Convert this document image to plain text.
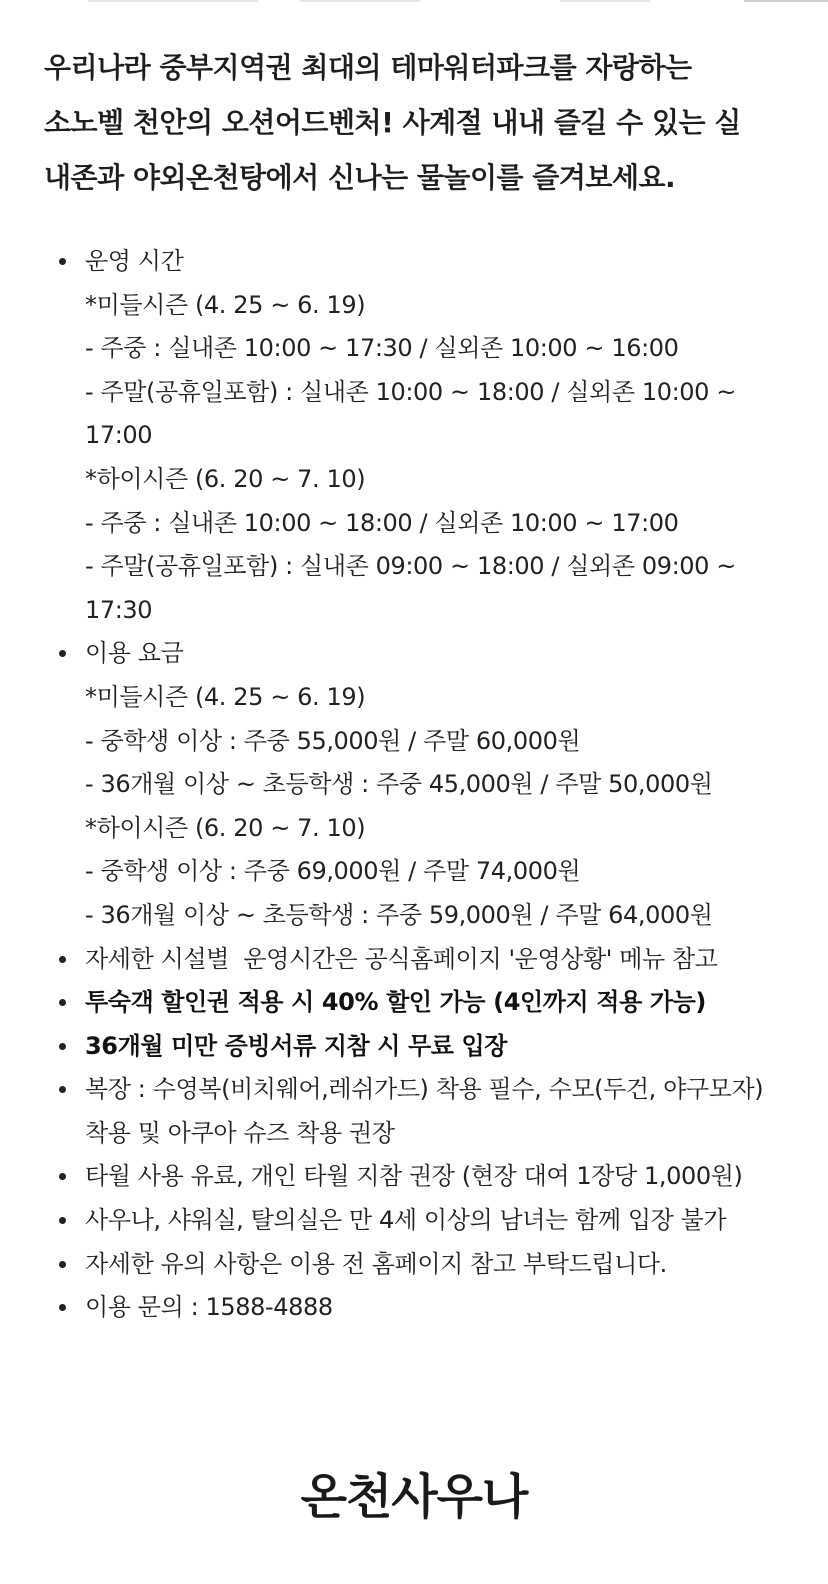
우리나라 중부지역권 최대의 테마워터파크를 자랑하는
소노벨 천안의 오션어드벤처! 사계절 내내 즐길 수 있는 실
내존과 야외온천탕에서 신나는 물놀이를 즐겨보세요.

운영 시간
*미들시즌 (4. 25 ~ 6. 19)
- 주중 : 실내존 10:00 ~ 17:30 / 실외존 10:00 ~ 16:00
- 주말(공휴일포함) : 실내존 10:00 ~ 18:00 / 실외존 10:00 ~
17:00
*하이시즌 (6. 20 ~ 7. 10)
- 주중 : 실내존 10:00 ~ 18:00 / 실외존 10:00 ~ 17:00
- 주말(공휴일포함) : 실내존 09:00 ~ 18:00 / 실외존 09:00 ~
17:30
이용 요금
*미들시즌 (4. 25 ~ 6. 19)
- 중학생 이상 : 주중 55,000원 / 주말 60,000원
- 36개월 이상 ~ 초등학생 : 주중 45,000원 / 주말 50,000원
*하이시즌 (6. 20 ~ 7. 10)
- 중학생 이상 : 주중 69,000원 / 주말 74,000원
- 36개월 이상 ~ 초등학생 : 주중 59,000원 / 주말 64,000원
자세한 시설별  운영시간은 공식홈페이지 '운영상황' 메뉴 참고
투숙객 할인권 적용 시 40% 할인 가능 (4인까지 적용 가능)
36개월 미만 증빙서류 지참 시 무료 입장
복장 : 수영복(비치웨어,레쉬가드) 착용 필수, 수모(두건, 야구모자)
착용 및 아쿠아 슈즈 착용 권장
타월 사용 유료, 개인 타월 지참 권장 (현장 대여 1장당 1,000원)
사우나, 샤워실, 탈의실은 만 4세 이상의 남녀는 함께 입장 불가
자세한 유의 사항은 이용 전 홈페이지 참고 부탁드립니다.
이용 문의 : 1588-4888
온천사우나
